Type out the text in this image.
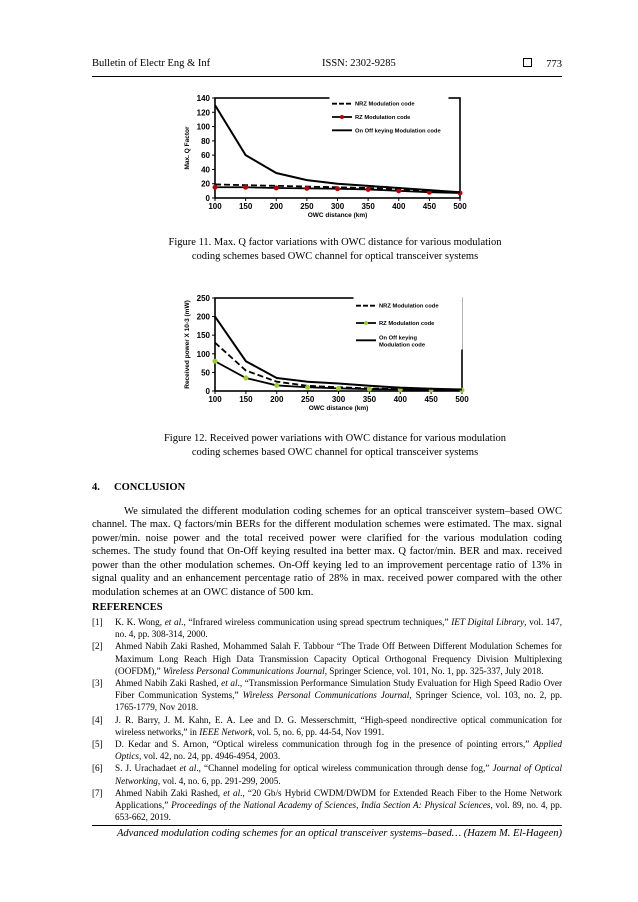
Bulletin of Electr Eng & Inf	ISSN: 2302-9285	773
100 150 200 250 300 350 400 450 500
0
20
40
60
80
100
120
140
OWC distance (km)
Max. Q Factor
NRZ Modulation code
RZ Modulation code
On Off keying Modulation code
Figure 11. Max. Q factor variations with OWC distance for various modulation
coding schemes based OWC channel for optical transceiver systems
100 150 200 250 300 350 400 450 500
0
50
100
150
200
250
OWC distance (km)
Received power X 10-3 (mW)	NRZ Modulation code
RZ Modulation code
On Off keying Modulation code
Figure 12. Received power variations with OWC distance for various modulation
coding schemes based OWC channel for optical transceiver systems
4. CONCLUSION

We simulated the different modulation coding schemes for an optical transceiver system–based OWC channel. The max. Q factors/min BERs for the different modulation schemes were estimated. The max. signal power/min. noise power and the total received power were clarified for the various modulation coding schemes. The study found that On-Off keying resulted ina better max. Q factor/min. BER and max. received power than the other modulation schemes. On-Off keying led to an improvement percentage ratio of 13% in signal quality and an enhancement percentage ratio of 28% in max. received power compared with the other modulation schemes at an OWC distance of 500 km.

REFERENCES

[1] K. K. Wong, et al., “Infrared wireless communication using spread spectrum techniques,” IET Digital Library, vol. 147, no. 4, pp. 308-314, 2000.

[2] Ahmed Nabih Zaki Rashed, Mohammed Salah F. Tabbour “The Trade Off Between Different Modulation Schemes for Maximum Long Reach High Data Transmission Capacity Optical Orthogonal Frequency Division Multiplexing (OOFDM),” Wireless Personal Communications Journal, Springer Science, vol. 101, No. 1, pp. 325-337, July 2018.

[3] Ahmed Nabih Zaki Rashed, et al., “Transmission Performance Simulation Study Evaluation for High Speed Radio Over Fiber Communication Systems,” Wireless Personal Communications Journal, Springer Science, vol. 103, no. 2, pp. 1765-1779, Nov 2018.

[4] J. R. Barry, J. M. Kahn, E. A. Lee and D. G. Messerschmitt, “High-speed nondirective optical communication for wireless networks,” in IEEE Network, vol. 5, no. 6, pp. 44-54, Nov 1991.

[5] D. Kedar and S. Arnon, “Optical wireless communication through fog in the presence of pointing errors,” Applied Optics, vol. 42, no. 24, pp. 4946-4954, 2003.

[6] S. J. Urachadaet et al., “Channel modeling for optical wireless communication through dense fog,” Journal of Optical Networking, vol. 4, no. 6, pp. 291-299, 2005.

[7] Ahmed Nabih Zaki Rashed, et al., “20 Gb/s Hybrid CWDM/DWDM for Extended Reach Fiber to the Home Network Applications,” Proceedings of the National Academy of Sciences, India Section A: Physical Sciences, vol. 89, no. 4, pp. 653-662, 2019.

Advanced modulation coding schemes for an optical transceiver systems–based… (Hazem M. El-Hageen)
